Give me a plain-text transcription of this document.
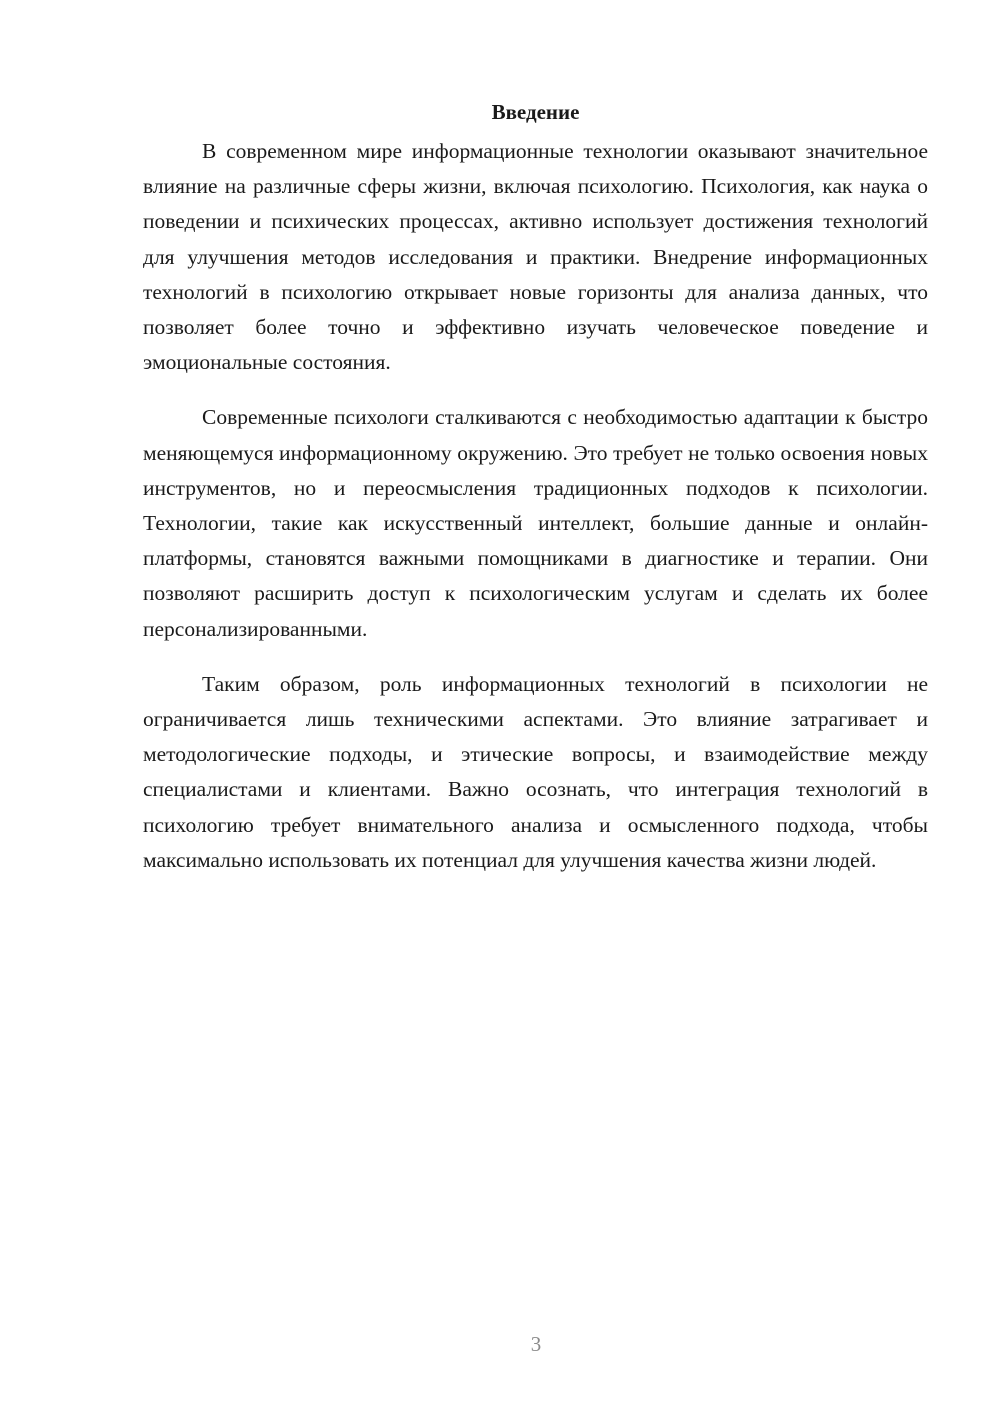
Введение

В современном мире информационные технологии оказывают значительное влияние на различные сферы жизни, включая психологию. Психология, как наука о поведении и психических процессах, активно использует достижения технологий для улучшения методов исследования и практики. Внедрение информационных технологий в психологию открывает новые горизонты для анализа данных, что позволяет более точно и эффективно изучать человеческое поведение и эмоциональные состояния.

Современные психологи сталкиваются с необходимостью адаптации к быстро меняющемуся информационному окружению. Это требует не только освоения новых инструментов, но и переосмысления традиционных подходов к психологии. Технологии, такие как искусственный интеллект, большие данные и онлайн-платформы, становятся важными помощниками в диагностике и терапии. Они позволяют расширить доступ к психологическим услугам и сделать их более персонализированными.

Таким образом, роль информационных технологий в психологии не ограничивается лишь техническими аспектами. Это влияние затрагивает и методологические подходы, и этические вопросы, и взаимодействие между специалистами и клиентами. Важно осознать, что интеграция технологий в психологию требует внимательного анализа и осмысленного подхода, чтобы максимально использовать их потенциал для улучшения качества жизни людей.

3
